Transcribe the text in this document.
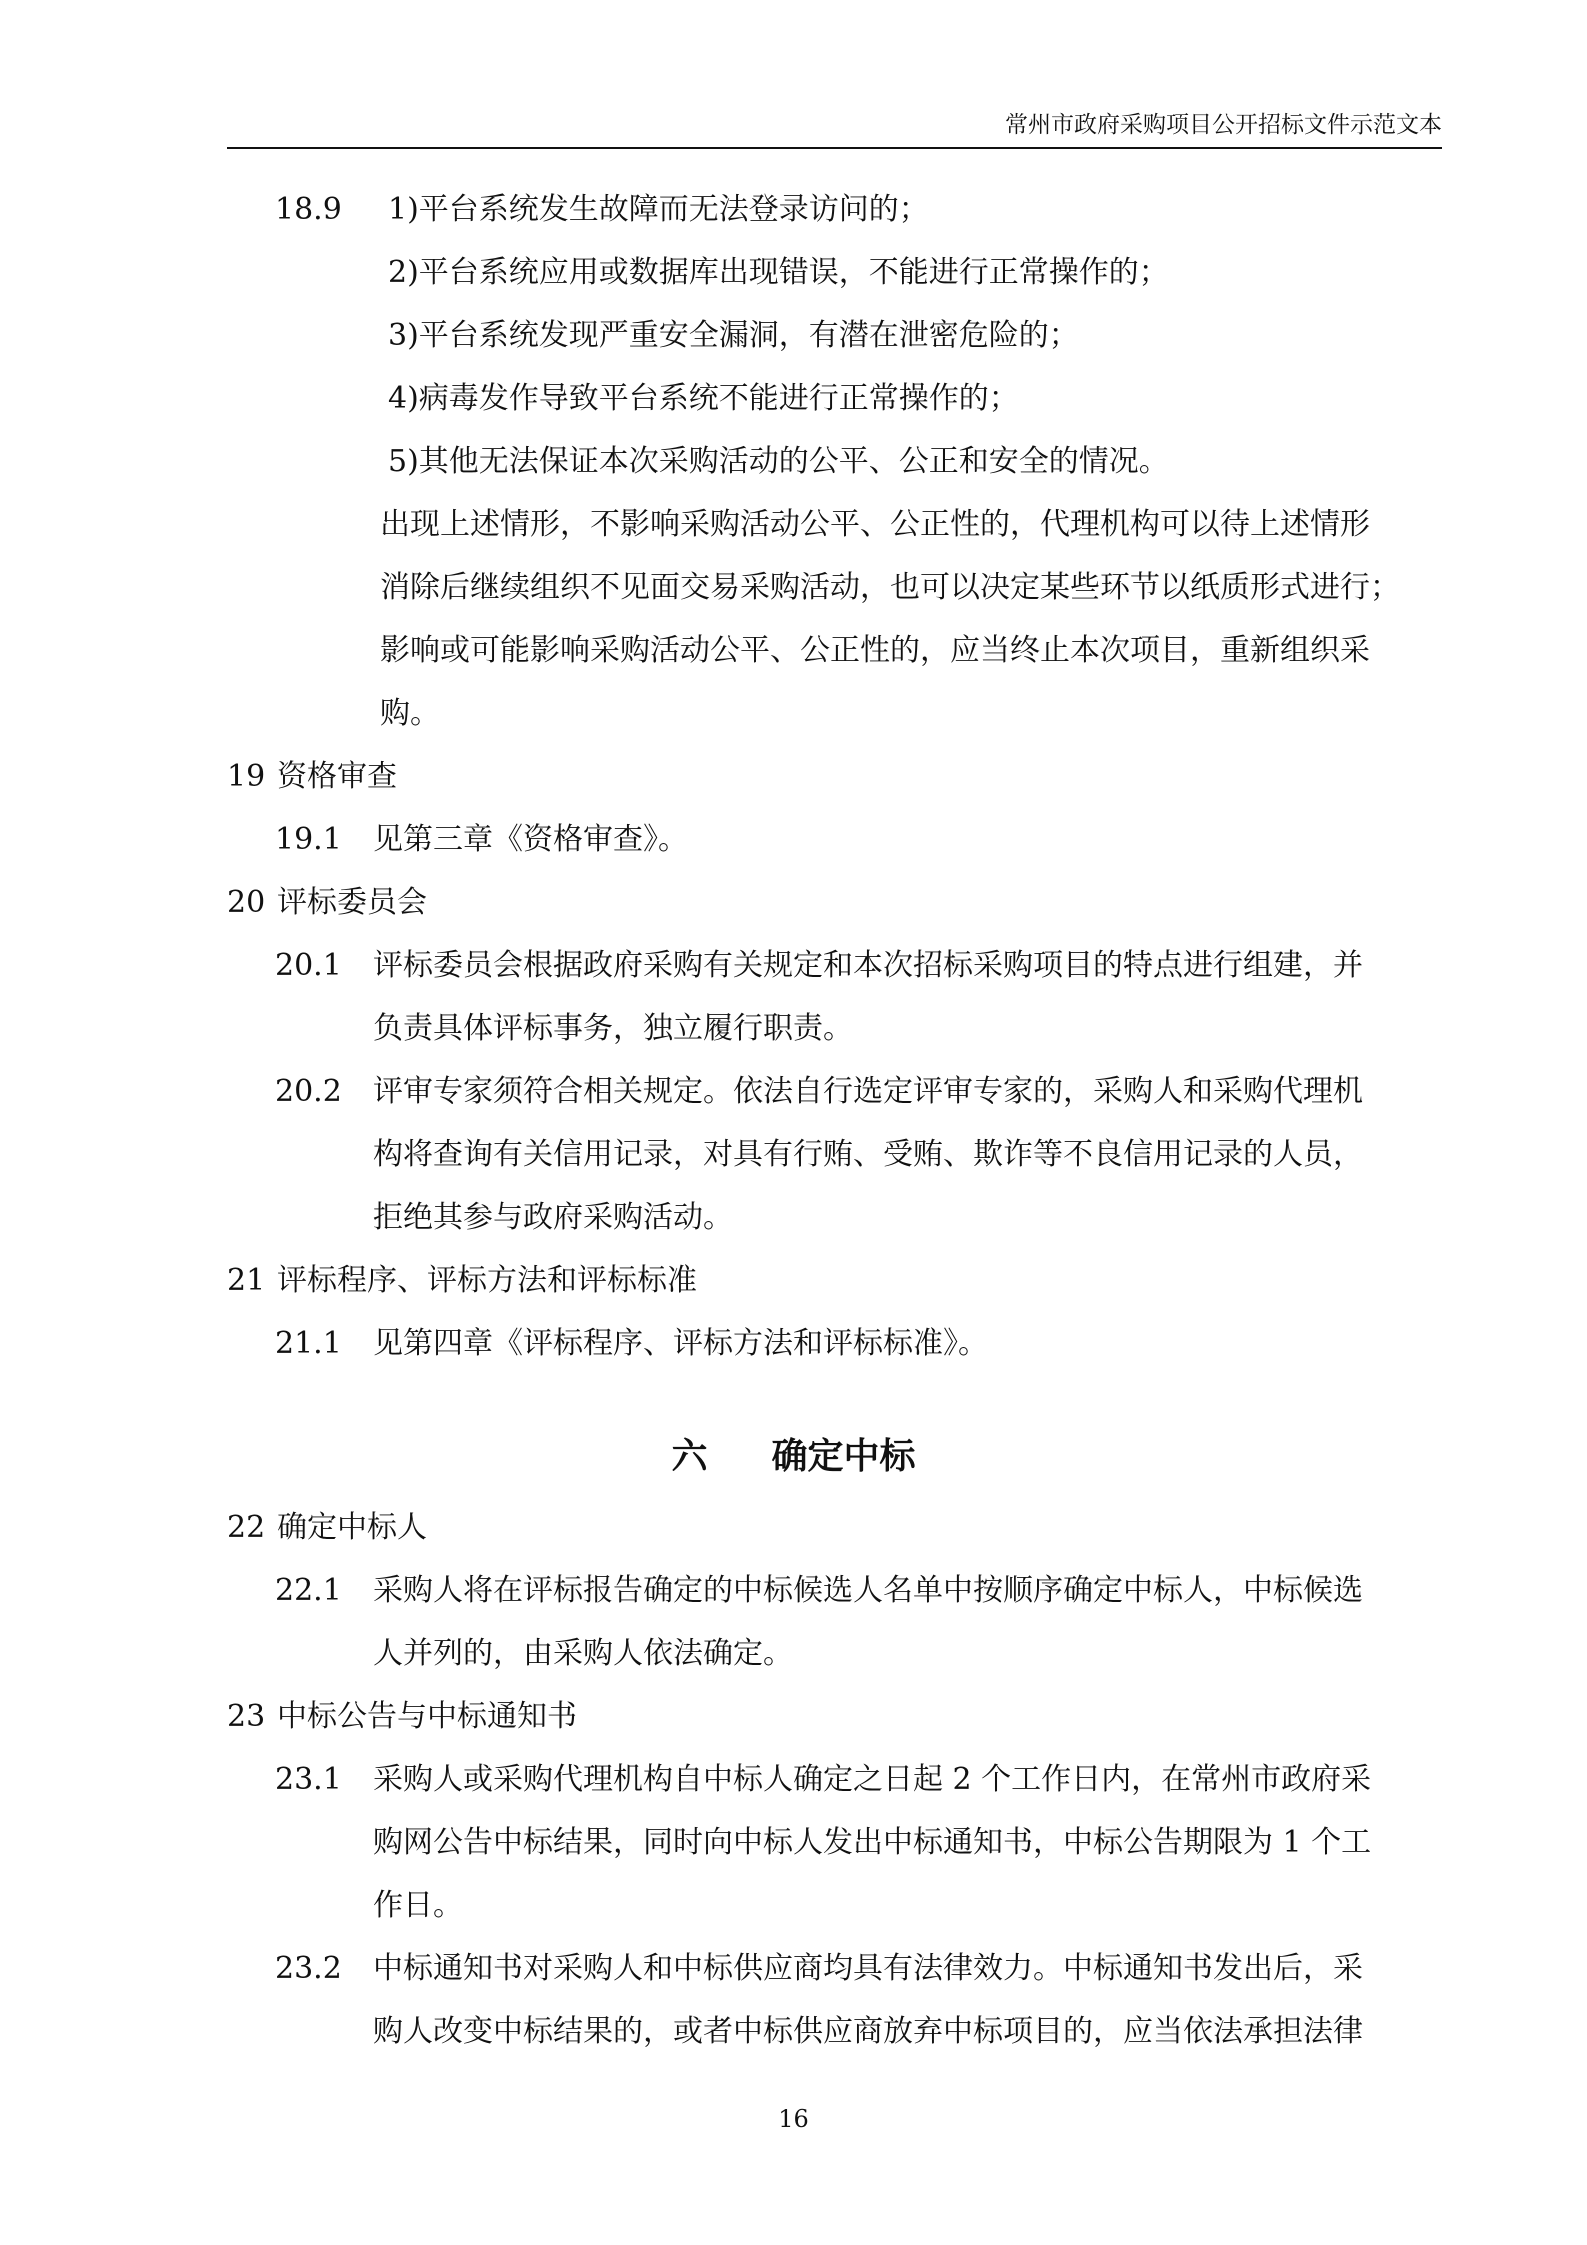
常州市政府采购项目公开招标文件示范文本
18.9 1)平台系统发生故障而无法登录访问的；
2)平台系统应用或数据库出现错误，不能进行正常操作的；
3)平台系统发现严重安全漏洞，有潜在泄密危险的；
4)病毒发作导致平台系统不能进行正常操作的；
5)其他无法保证本次采购活动的公平、公正和安全的情况。
出现上述情形，不影响采购活动公平、公正性的，代理机构可以待上述情形
消除后继续组织不见面交易采购活动，也可以决定某些环节以纸质形式进行；
影响或可能影响采购活动公平、公正性的，应当终止本次项目，重新组织采
购。
19 资格审查
19.1 见第三章《资格审查》。
20 评标委员会
20.1 评标委员会根据政府采购有关规定和本次招标采购项目的特点进行组建，并
负责具体评标事务，独立履行职责。
20.2 评审专家须符合相关规定。依法自行选定评审专家的，采购人和采购代理机
构将查询有关信用记录，对具有行贿、受贿、欺诈等不良信用记录的人员，
拒绝其参与政府采购活动。
21 评标程序、评标方法和评标标准
21.1 见第四章《评标程序、评标方法和评标标准》。
六 确定中标
22 确定中标人
22.1 采购人将在评标报告确定的中标候选人名单中按顺序确定中标人，中标候选
人并列的，由采购人依法确定。
23 中标公告与中标通知书
23.1 采购人或采购代理机构自中标人确定之日起 2 个工作日内，在常州市政府采
购网公告中标结果，同时向中标人发出中标通知书，中标公告期限为 1 个工
作日。
23.2 中标通知书对采购人和中标供应商均具有法律效力。中标通知书发出后，采
购人改变中标结果的，或者中标供应商放弃中标项目的，应当依法承担法律
16
